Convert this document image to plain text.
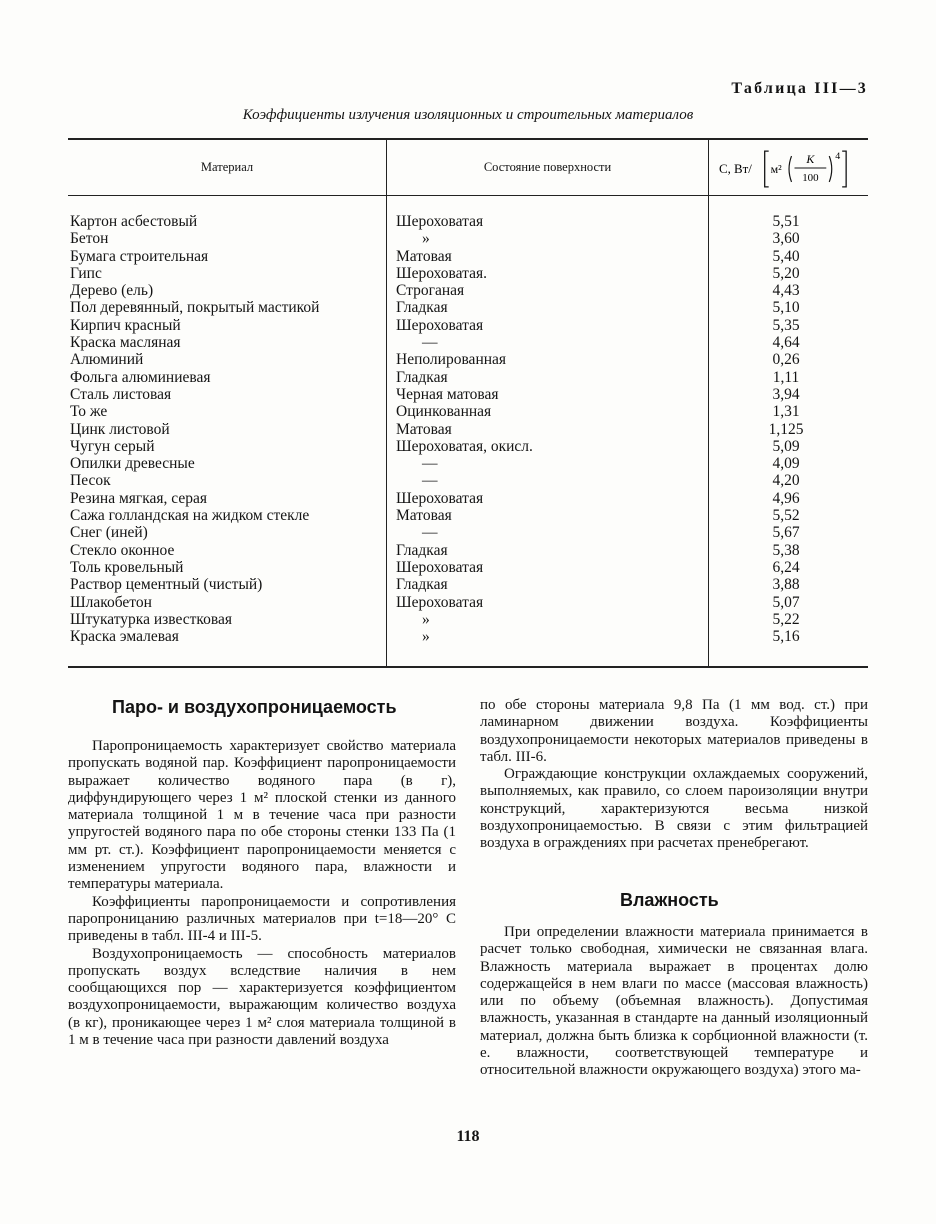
Таблица III—3
Коэффициенты излучения изоляционных и строительных материалов
Материал	Состояние поверхности	C, Вт/ м²
K
100
4
Картон асбестовый	Шероховатая	5,51
Бетон	»	3,60
Бумага строительная	Матовая	5,40
Гипс	Шероховатая.	5,20
Дерево (ель)	Строганая	4,43
Пол деревянный, покрытый мастикой	Гладкая	5,10
Кирпич красный	Шероховатая	5,35
Краска масляная	—	4,64
Алюминий	Неполированная	0,26
Фольга алюминиевая	Гладкая	1,11
Сталь листовая	Черная матовая	3,94
То же	Оцинкованная	1,31
Цинк листовой	Матовая	1,125
Чугун серый	Шероховатая, окисл.	5,09
Опилки древесные	—	4,09
Песок	—	4,20
Резина мягкая, серая	Шероховатая	4,96
Сажа голландская на жидком стекле	Матовая	5,52
Снег (иней)	—	5,67
Стекло оконное	Гладкая	5,38
Толь кровельный	Шероховатая	6,24
Раствор цементный (чистый)	Гладкая	3,88
Шлакобетон	Шероховатая	5,07
Штукатурка известковая	»	5,22
Краска эмалевая	»	5,16
Паро- и воздухопроницаемость

Паропроницаемость характеризует свойство материала пропускать водяной пар. Коэффициент паропроницаемости выражает количество водяного пара (в г), диффундирующего через 1 м² плоской стенки из данного материала толщиной 1 м в течение часа при разности упругостей водяного пара по обе стороны стенки 133 Па (1 мм рт. ст.). Коэффициент паропроницаемости меняется с изменением упругости водяного пара, влажности и температуры материала.

Коэффициенты паропроницаемости и сопротивления паропроницанию различных материалов при t=18—20° C приведены в табл. III-4 и III-5.

Воздухопроницаемость — способность материалов пропускать воздух вследствие наличия в нем сообщающихся пор — характеризуется коэффициентом воздухопроницаемости, выражающим количество воздуха (в кг), проникающее через 1 м² слоя материала толщиной в 1 м в течение часа при разности давлений воздуха

по обе стороны материала 9,8 Па (1 мм вод. ст.) при ламинарном движении воздуха. Коэффициенты воздухопроницаемости некоторых материалов приведены в табл. III-6.

Ограждающие конструкции охлаждаемых сооружений, выполняемых, как правило, со слоем пароизоляции внутри конструкций, характеризуются весьма низкой воздухопроницаемостью. В связи с этим фильтрацией воздуха в ограждениях при расчетах пренебрегают.

Влажность

При определении влажности материала принимается в расчет только свободная, химически не связанная влага. Влажность материала выражает в процентах долю содержащейся в нем влаги по массе (массовая влажность) или по объему (объемная влажность). Допустимая влажность, указанная в стандарте на данный изоляционный материал, должна быть близка к сорбционной влажности (т. е. влажности, соответствующей температуре и относительной влажности окружающего воздуха) этого ма-

118
